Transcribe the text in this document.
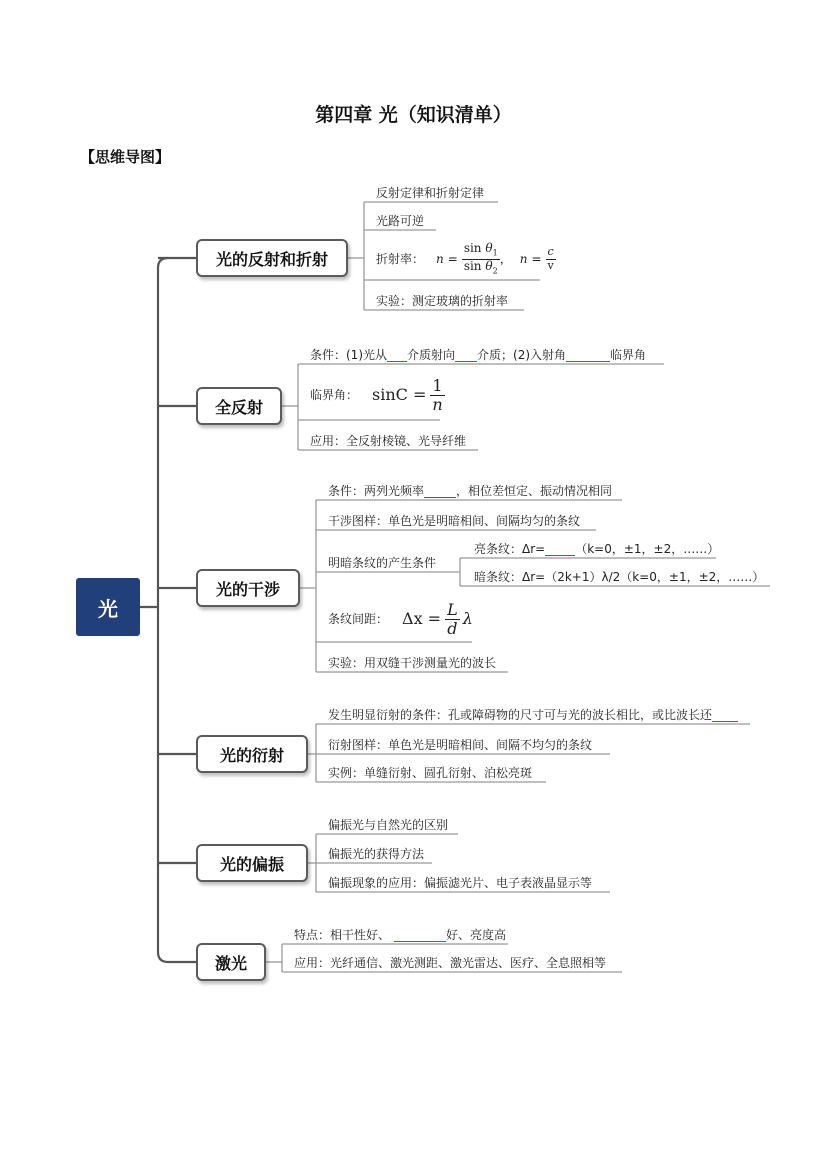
第四章 光（知识清单）
【思维导图】
光
光的反射和折射
全反射
光的干涉
光的衍射
光的偏振
激光
反射定律和折射定律
光路可逆
折射率： $n = \frac{\sin \theta_1}{\sin \theta_2}$ ， $n = \frac{c}{v}$
实验：测定玻璃的折射率
条件：(1)光从 介质射向 介质；(2)入射角	临界角
临界角： $\sin C = \frac{1}{n}$
应用：全反射棱镜、光导纤维
条件：两列光频率	，相位差恒定、振动情况相同
干涉图样：单色光是明暗相间、间隔均匀的条纹
明暗条纹的产生条件
亮条纹：Δr=	（k=0，±1，±2，……）
暗条纹：Δr=（2k+1）λ/2（k=0，±1，±2，……）
条纹间距： $\Delta x = \frac{L}{d}$ λ
实验：用双缝干涉测量光的波长
发生明显衍射的条件：孔或障碍物的尺寸可与光的波长相比，或比波长还
衍射图样：单色光是明暗相间、间隔不均匀的条纹
实例：单缝衍射、圆孔衍射、泊松亮斑
偏振光与自然光的区别
偏振光的获得方法
偏振现象的应用：偏振滤光片、电子表液晶显示等
特点：相干性好、	好、亮度高
应用：光纤通信、激光测距、激光雷达、医疗、全息照相等
